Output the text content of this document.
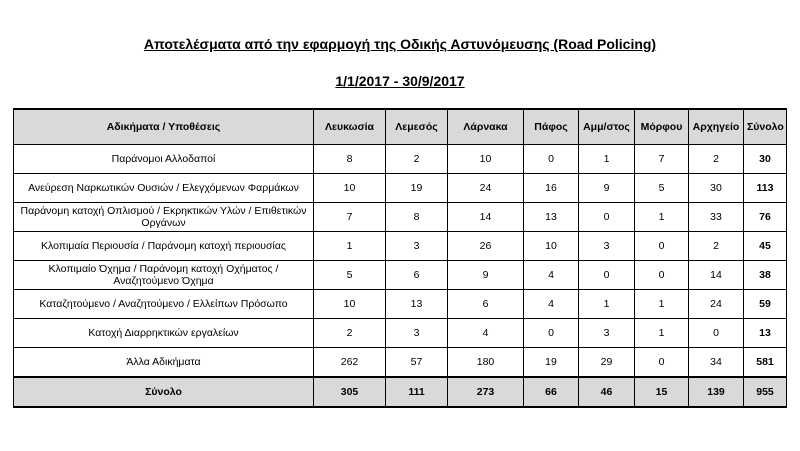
Αποτελέσματα από την εφαρμογή της Οδικής Αστυνόμευσης (Road Policing)
1/1/2017 - 30/9/2017
Αδικήματα / Υποθέσεις	Λευκωσία	Λεμεσός	Λάρνακα	Πάφος	Αμμ/στος	Μόρφου	Αρχηγείο	Σύνολο
Παράνομοι Αλλοδαποί	8	2	10	0	1	7	2	30
Ανεύρεση Ναρκωτικών Ουσιών / Ελεγχόμενων Φαρμάκων	10	19	24	16	9	5	30	113
Παράνομη κατοχή Οπλισμού / Εκρηκτικών Υλών / Επιθετικών Οργάνων	7	8	14	13	0	1	33	76
Κλοπιμαία Περιουσία / Παράνομη κατοχή περιουσίας	1	3	26	10	3	0	2	45
Κλοπιμαίο Όχημα / Παράνομη κατοχή Οχήματος / Αναζητούμενο Όχημα	5	6	9	4	0	0	14	38
Καταζητούμενο / Αναζητούμενο / Ελλείπων Πρόσωπο	10	13	6	4	1	1	24	59
Κατοχή Διαρρηκτικών εργαλείων	2	3	4	0	3	1	0	13
Άλλα Αδικήματα	262	57	180	19	29	0	34	581
Σύνολο	305	111	273	66	46	15	139	955
